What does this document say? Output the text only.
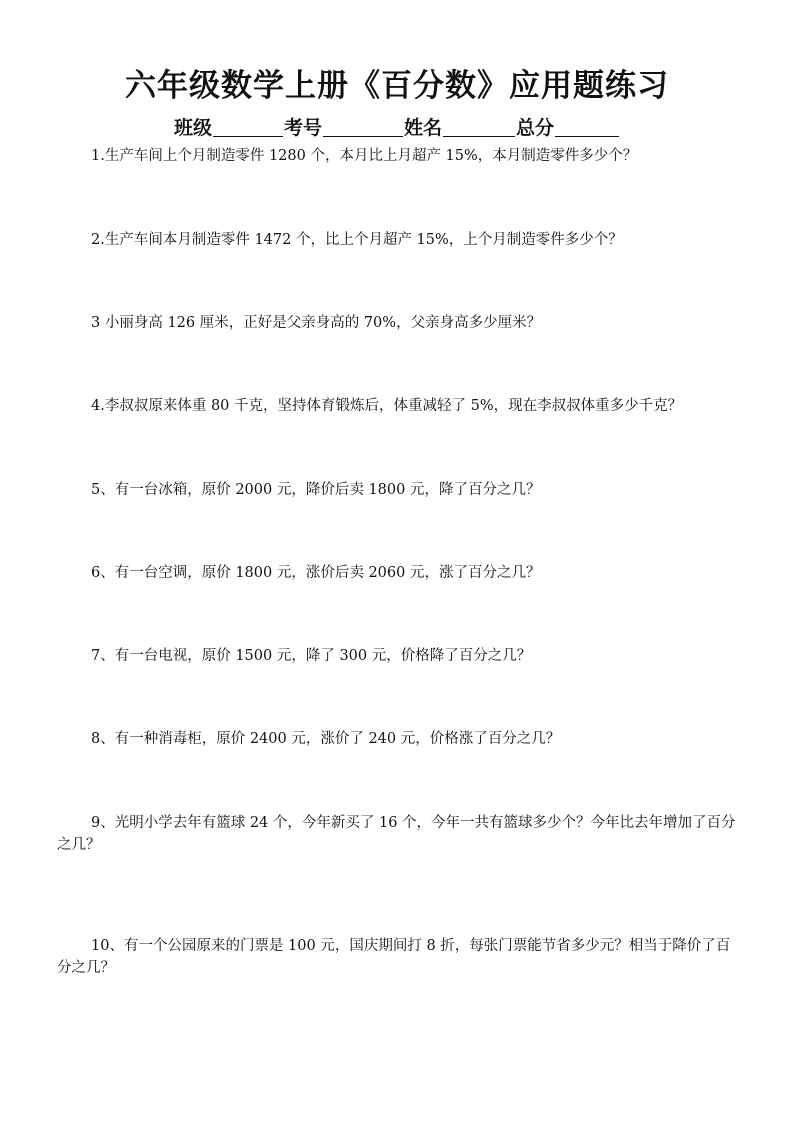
六年级数学上册《百分数》应用题练习
班级	考号	姓名	总分
1.生产车间上个月制造零件 1280 个，本月比上月超产 15%，本月制造零件多少个？
2.生产车间本月制造零件 1472 个，比上个月超产 15%，上个月制造零件多少个？
3 小丽身高 126 厘米，正好是父亲身高的 70%，父亲身高多少厘米？
4.李叔叔原来体重 80 千克，坚持体育锻炼后，体重减轻了 5%，现在李叔叔体重多少千克？
5、有一台冰箱，原价 2000 元，降价后卖 1800 元，降了百分之几？
6、有一台空调，原价 1800 元，涨价后卖 2060 元，涨了百分之几？
7、有一台电视，原价 1500 元，降了 300 元，价格降了百分之几？
8、有一种消毒柜，原价 2400 元，涨价了 240 元，价格涨了百分之几？
9、光明小学去年有篮球 24 个，今年新买了 16 个，今年一共有篮球多少个？今年比去年增加了百分之几？
10、有一个公园原来的门票是 100 元，国庆期间打 8 折，每张门票能节省多少元？相当于降价了百分之几？
